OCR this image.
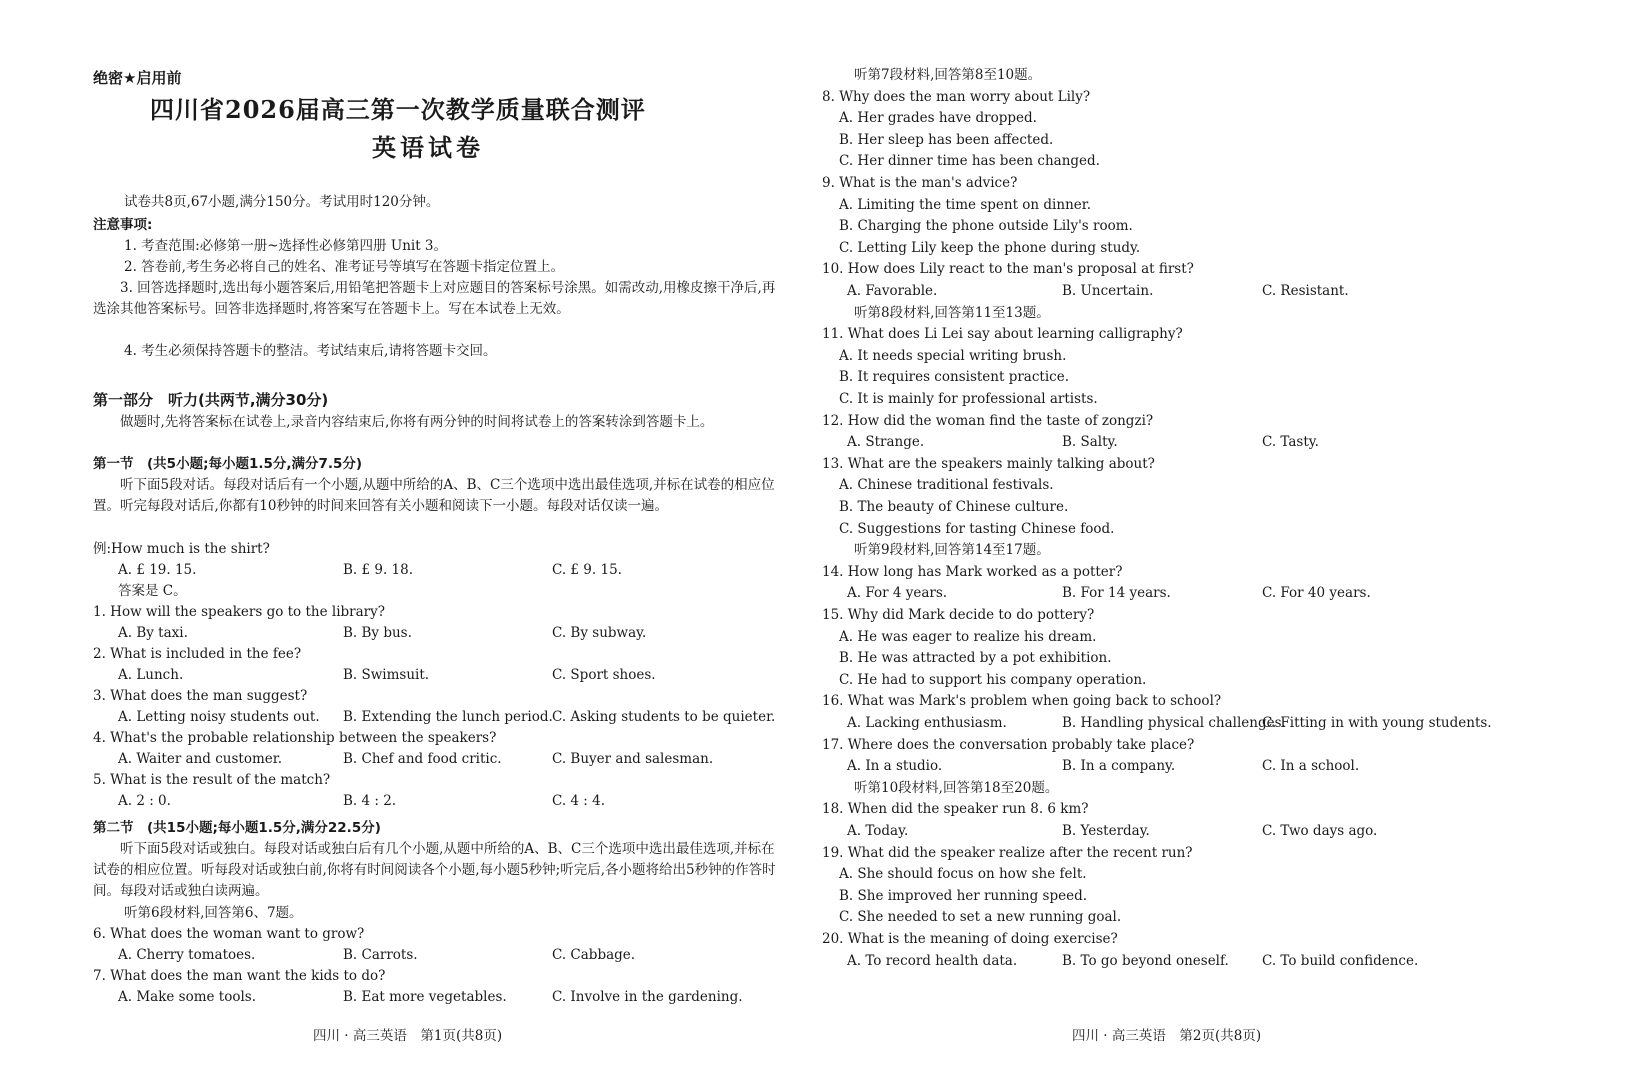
绝密★启用前
四川省2026届高三第一次教学质量联合测评
英语试卷
试卷共8页,67小题,满分150分。考试用时120分钟。
注意事项:
1. 考查范围:必修第一册~选择性必修第四册 Unit 3。
2. 答卷前,考生务必将自己的姓名、准考证号等填写在答题卡指定位置上。
3. 回答选择题时,选出每小题答案后,用铅笔把答题卡上对应题目的答案标号涂黑。如需改动,用橡皮擦干净后,再选涂其他答案标号。回答非选择题时,将答案写在答题卡上。写在本试卷上无效。
4. 考生必须保持答题卡的整洁。考试结束后,请将答题卡交回。
第一部分　听力(共两节,满分30分)
做题时,先将答案标在试卷上,录音内容结束后,你将有两分钟的时间将试卷上的答案转涂到答题卡上。
第一节　(共5小题;每小题1.5分,满分7.5分)
听下面5段对话。每段对话后有一个小题,从题中所给的A、B、C三个选项中选出最佳选项,并标在试卷的相应位置。听完每段对话后,你都有10秒钟的时间来回答有关小题和阅读下一小题。每段对话仅读一遍。
例:How much is the shirt?
A. £ 19. 15.	B. £ 9. 18.	C. £ 9. 15.
答案是 C。
第二节　(共15小题;每小题1.5分,满分22.5分)
听下面5段对话或独白。每段对话或独白后有几个小题,从题中所给的A、B、C三个选项中选出最佳选项,并标在试卷的相应位置。听每段对话或独白前,你将有时间阅读各个小题,每小题5秒钟;听完后,各小题将给出5秒钟的作答时间。每段对话或独白读两遍。
听第6段材料,回答第6、7题。
四川 · 高三英语　第1页(共8页)
1. How will the speakers go to the library?
A. By taxi.	B. By bus.	C. By subway.
2. What is included in the fee?
A. Lunch.	B. Swimsuit.	C. Sport shoes.
3. What does the man suggest?
A. Letting noisy students out. B. Extending the lunch period. C. Asking students to be quieter.
4. What's the probable relationship between the speakers?
A. Waiter and customer.	B. Chef and food critic.	C. Buyer and salesman.
5. What is the result of the match?
A. 2 : 0.	B. 4 : 2.	C. 4 : 4.
6. What does the woman want to grow?
A. Cherry tomatoes.	B. Carrots.	C. Cabbage.
7. What does the man want the kids to do?
A. Make some tools.	B. Eat more vegetables.	C. Involve in the gardening.
四川 · 高三英语　第2页(共8页)
听第7段材料,回答第8至10题。
8. Why does the man worry about Lily?
A. Her grades have dropped.
B. Her sleep has been affected.
C. Her dinner time has been changed.
9. What is the man's advice?
A. Limiting the time spent on dinner.
B. Charging the phone outside Lily's room.
C. Letting Lily keep the phone during study.
10. How does Lily react to the man's proposal at first?
A. Favorable.	B. Uncertain.	C. Resistant.
听第8段材料,回答第11至13题。
11. What does Li Lei say about learning calligraphy?
A. It needs special writing brush.
B. It requires consistent practice.
C. It is mainly for professional artists.
12. How did the woman find the taste of zongzi?
A. Strange.	B. Salty.	C. Tasty.
13. What are the speakers mainly talking about?
A. Chinese traditional festivals.
B. The beauty of Chinese culture.
C. Suggestions for tasting Chinese food.
听第9段材料,回答第14至17题。
14. How long has Mark worked as a potter?
A. For 4 years.	B. For 14 years.	C. For 40 years.
15. Why did Mark decide to do pottery?
A. He was eager to realize his dream.
B. He was attracted by a pot exhibition.
C. He had to support his company operation.
16. What was Mark's problem when going back to school?
A. Lacking enthusiasm.	B. Handling physical challenges.
C. Fitting in with young students.
17. Where does the conversation probably take place?
A. In a studio.	B. In a company.	C. In a school.
听第10段材料,回答第18至20题。
18. When did the speaker run 8. 6 km?
A. Today.	B. Yesterday.	C. Two days ago.
19. What did the speaker realize after the recent run?
A. She should focus on how she felt.
B. She improved her running speed.
C. She needed to set a new running goal.
20. What is the meaning of doing exercise?
A. To record health data.	B. To go beyond oneself. C. To build confidence.
